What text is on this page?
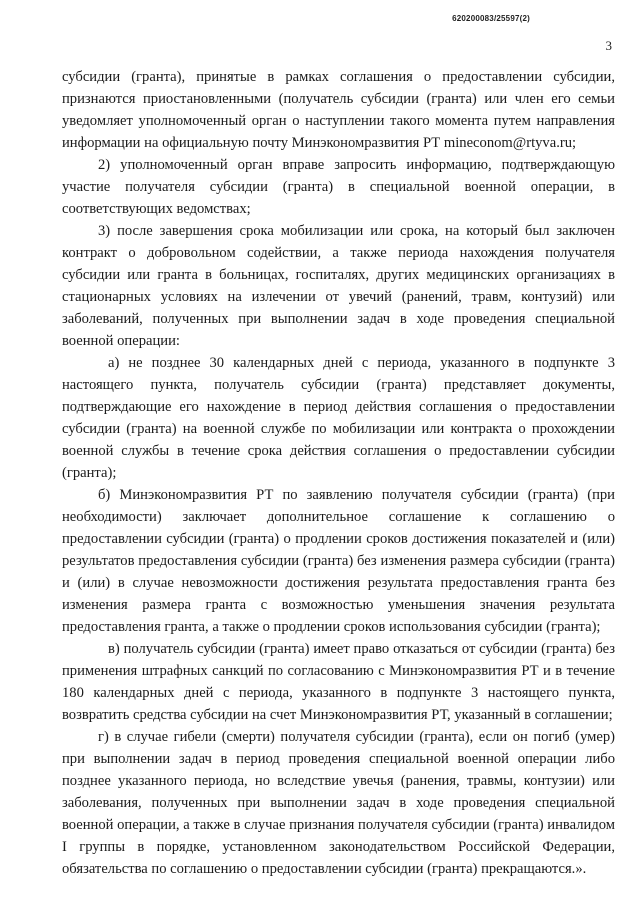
620200083/25597(2)
3

субсидии (гранта), принятые в рамках соглашения о предоставлении субсидии, признаются приостановленными (получатель субсидии (гранта) или член его семьи уведомляет уполномоченный орган о наступлении такого момента путем направления информации на официальную почту Минэкономразвития РТ mineconom@rtyva.ru;

2) уполномоченный орган вправе запросить информацию, подтверждающую участие получателя субсидии (гранта) в специальной военной операции, в соответствующих ведомствах;

3) после завершения срока мобилизации или срока, на который был заключен контракт о добровольном содействии, а также периода нахождения получателя субсидии или гранта в больницах, госпиталях, других медицинских организациях в стационарных условиях на излечении от увечий (ранений, травм, контузий) или заболеваний, полученных при выполнении задач в ходе проведения специальной военной операции:

а) не позднее 30 календарных дней с периода, указанного в подпункте 3 настоящего пункта, получатель субсидии (гранта) представляет документы, подтверждающие его нахождение в период действия соглашения о предоставлении субсидии (гранта) на военной службе по мобилизации или контракта о прохождении военной службы в течение срока действия соглашения о предоставлении субсидии (гранта);

б) Минэкономразвития РТ по заявлению получателя субсидии (гранта) (при необходимости) заключает дополнительное соглашение к соглашению о предоставлении субсидии (гранта) о продлении сроков достижения показателей и (или) результатов предоставления субсидии (гранта) без изменения размера субсидии (гранта) и (или) в случае невозможности достижения результата предоставления гранта без изменения размера гранта с возможностью уменьшения значения результата предоставления гранта, а также о продлении сроков использования субсидии (гранта);

в) получатель субсидии (гранта) имеет право отказаться от субсидии (гранта) без применения штрафных санкций по согласованию с Минэкономразвития РТ и в течение 180 календарных дней с периода, указанного в подпункте 3 настоящего пункта, возвратить средства субсидии на счет Минэкономразвития РТ, указанный в соглашении;

г) в случае гибели (смерти) получателя субсидии (гранта), если он погиб (умер) при выполнении задач в период проведения специальной военной операции либо позднее указанного периода, но вследствие увечья (ранения, травмы, контузии) или заболевания, полученных при выполнении задач в ходе проведения специальной военной операции, а также в случае признания получателя субсидии (гранта) инвалидом I группы в порядке, установленном законодательством Российской Федерации, обязательства по соглашению о предоставлении субсидии (гранта) прекращаются.».
